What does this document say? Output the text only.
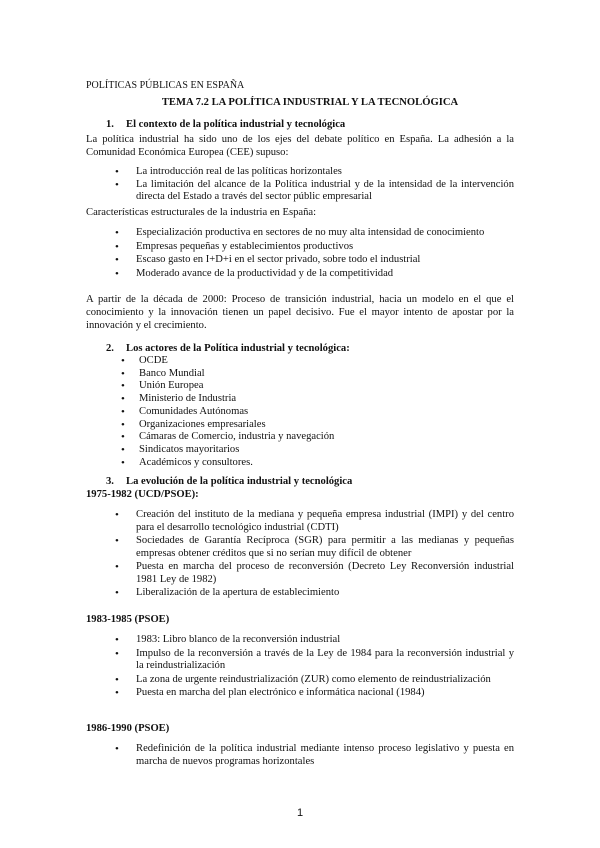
POLÍTICAS PÚBLICAS EN ESPAÑA
TEMA 7.2 LA POLÍTICA INDUSTRIAL Y LA TECNOLÓGICA
1. El contexto de la política industrial y tecnológica
La política industrial ha sido uno de los ejes del debate político en España. La adhesión a la Comunidad Económica Europea (CEE) supuso:
• La introducción real de las políticas horizontales
• La limitación del alcance de la Política industrial y de la intensidad de la intervención directa del Estado a través del sector públic empresarial
Características estructurales de la industria en España:
• Especialización productiva en sectores de no muy alta intensidad de conocimiento
• Empresas pequeñas y establecimientos productivos
• Escaso gasto en I+D+i en el sector privado, sobre todo el industrial
• Moderado avance de la productividad y de la competitividad
A partir de la década de 2000: Proceso de transición industrial, hacia un modelo en el que el conocimiento y la innovación tienen un papel decisivo. Fue el mayor intento de apostar por la innovación y el crecimiento.
2. Los actores de la Política industrial y tecnológica:
• OCDE
• Banco Mundial
• Unión Europea
• Ministerio de Industria
• Comunidades Autónomas
• Organizaciones empresariales
• Cámaras de Comercio, industria y navegación
• Sindicatos mayoritarios
• Académicos y consultores.
3. La evolución de la política industrial y tecnológica
1975-1982 (UCD/PSOE):
• Creación del instituto de la mediana y pequeña empresa industrial (IMPI) y del centro para el desarrollo tecnológico industrial (CDTI)
• Sociedades de Garantía Recíproca (SGR) para permitir a las medianas y pequeñas empresas obtener créditos que si no serían muy difícil de obtener
• Puesta en marcha del proceso de reconversión (Decreto Ley Reconversión industrial 1981 Ley de 1982)
• Liberalización de la apertura de establecimiento
1983-1985 (PSOE)
• 1983: Libro blanco de la reconversión industrial
• Impulso de la reconversión a través de la Ley de 1984 para la reconversión industrial y la reindustrialización
• La zona de urgente reindustrialización (ZUR) como elemento de reindustrialización
• Puesta en marcha del plan electrónico e informática nacional (1984)
1986-1990 (PSOE)
• Redefinición de la política industrial mediante intenso proceso legislativo y puesta en marcha de nuevos programas horizontales
1
